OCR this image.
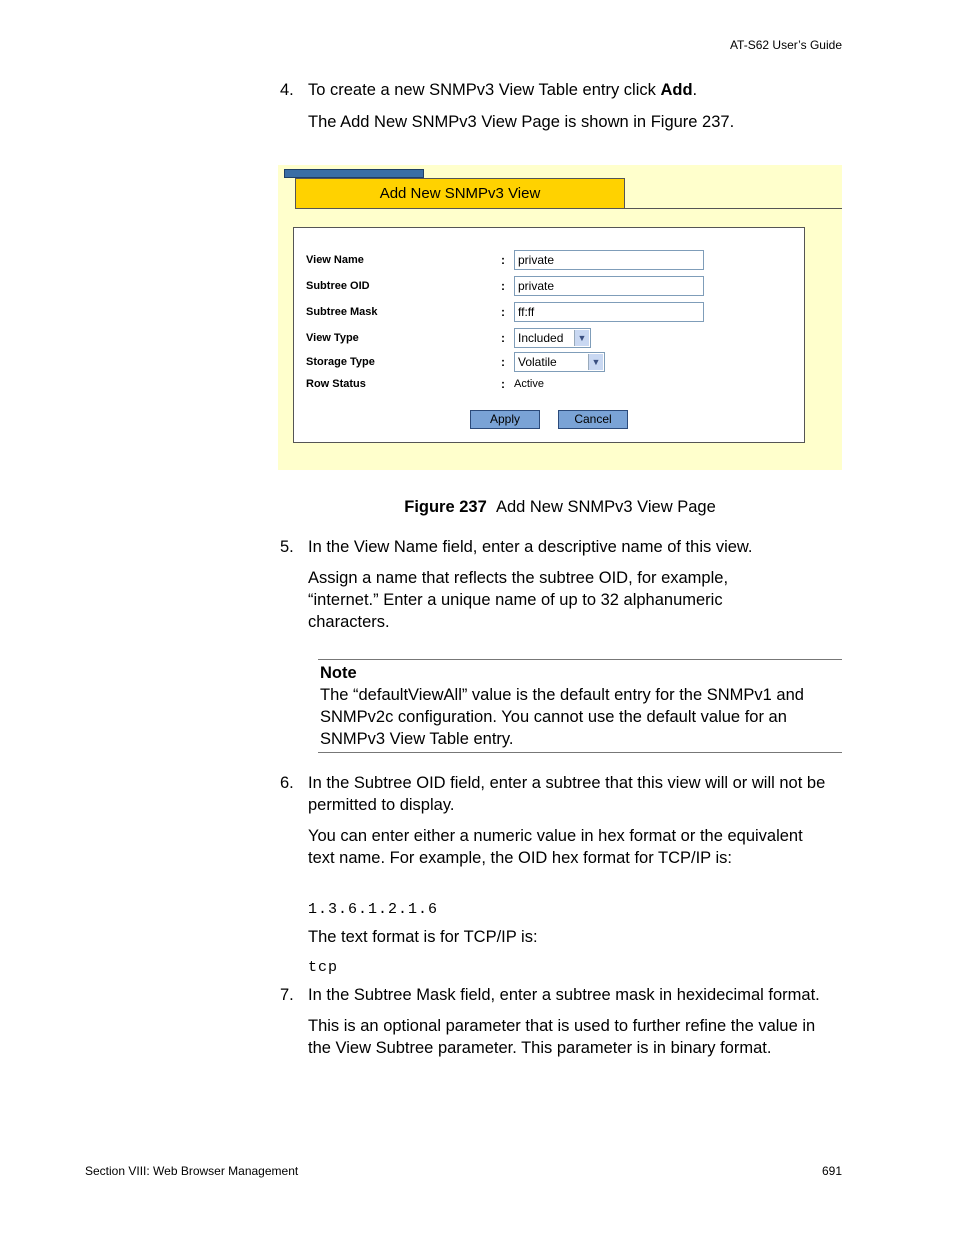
AT-S62 User’s Guide
4. To create a new SNMPv3 View Table entry click Add.
The Add New SNMPv3 View Page is shown in Figure 237.
Add New SNMPv3 View
View Name	:	private
Subtree OID	:	private
Subtree Mask	:	ff:ff
View Type	:	Included	▼
Storage Type	:	Volatile	▼
Row Status	: Active
Apply	Cancel
Figure 237 Add New SNMPv3 View Page
5. In the View Name field, enter a descriptive name of this view.
Assign a name that reflects the subtree OID, for example, “internet.” Enter a unique name of up to 32 alphanumeric characters.
Note
The “defaultViewAll” value is the default entry for the SNMPv1 and SNMPv2c configuration. You cannot use the default value for an SNMPv3 View Table entry.
6. In the Subtree OID field, enter a subtree that this view will or will not be permitted to display.
You can enter either a numeric value in hex format or the equivalent text name. For example, the OID hex format for TCP/IP is:
1.3.6.1.2.1.6
The text format is for TCP/IP is:
tcp
7. In the Subtree Mask field, enter a subtree mask in hexidecimal format.
This is an optional parameter that is used to further refine the value in the View Subtree parameter. This parameter is in binary format.
Section VIII: Web Browser Management	691
